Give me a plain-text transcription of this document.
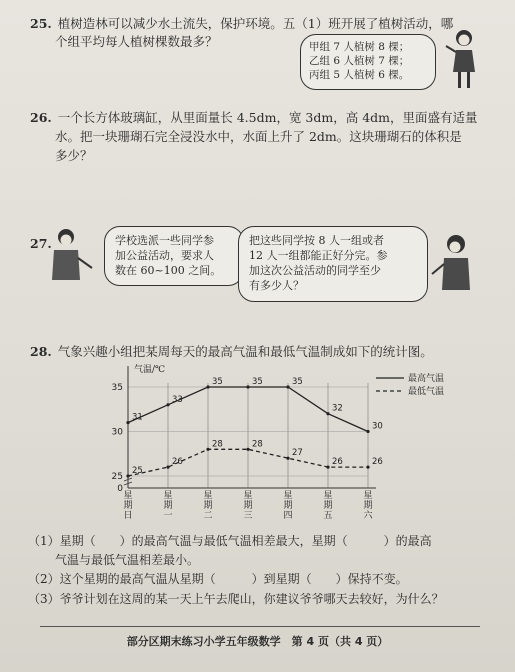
25. 植树造林可以减少水土流失，保护环境。五（1）班开展了植树活动，哪
个组平均每人植树棵数最多？	甲组 7 人植树 8 棵；
乙组 6 人植树 7 棵；
丙组 5 人植树 6 棵。
26. 一个长方体玻璃缸，从里面量长 4.5dm，宽 3dm，高 4dm，里面盛有适量
水。把一块珊瑚石完全浸没水中，水面上升了 2dm。这块珊瑚石的体积是
多少？
27.	学校选派一些同学参
加公益活动，要求人
数在 60~100 之间。
把这些同学按 8 人一组或者
12 人一组都能正好分完。参
加这次公益活动的同学至少
有多少人？
28. 气象兴趣小组把某周每天的最高气温和最低气温制成如下的统计图。
气温/℃
0
25
30
35
31
33
35	35	35
32
30
25
26
28	28
27
26	26
最高气温
最低气温
星
期
日
星
期
一
星
期
二
星
期
三
星
期
四
星
期
五
星
期
六
（1）星期（　　）的最高气温与最低气温相差最大，星期（　　　）的最高
气温与最低气温相差最小。
（2）这个星期的最高气温从星期（　　　）到星期（　　）保持不变。
（3）爷爷计划在这周的某一天上午去爬山，你建议爷爷哪天去较好，为什么？
部分区期末练习小学五年级数学　第 4 页（共 4 页）
